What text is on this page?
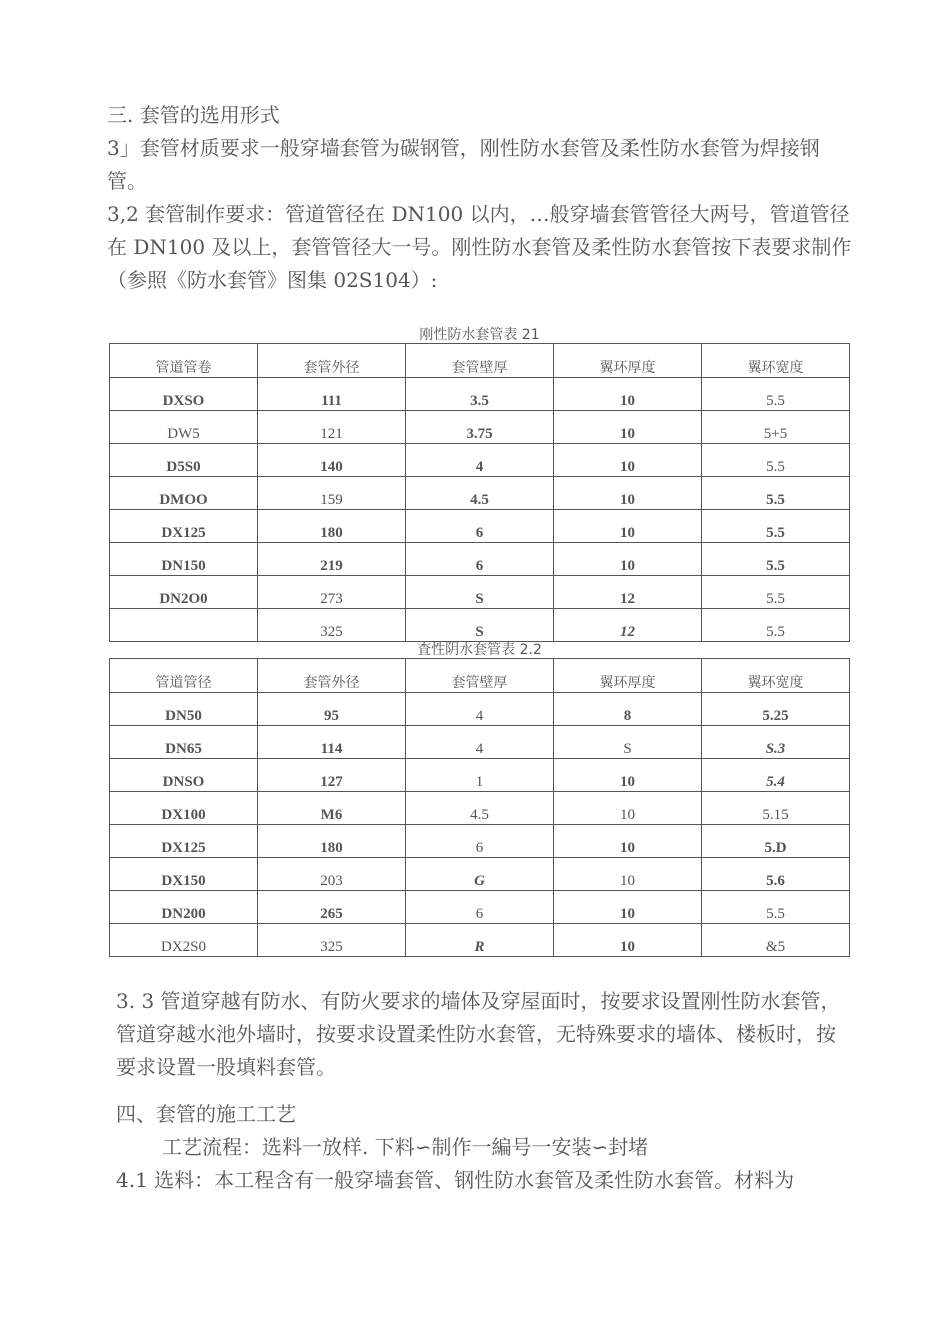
三. 套管的选用形式

3」套管材质要求一般穿墙套管为碳钢管，刚性防水套管及柔性防水套管为焊接钢管。

3,2 套管制作要求：管道管径在 DN100 以内，…般穿墙套管管径大两号，管道管径在 DN100 及以上，套管管径大一号。刚性防水套管及柔性防水套管按下表要求制作（参照《防水套管》图集 02S104）:

刚性防水套管表 21
管道管卷	套管外径	套管壁厚	翼环厚度	翼环宽度
DXSO	111	3.5	10	5.5
DW5	121	3.75	10	5+5
D5S0	140	4	10	5.5
DMOO	159	4.5	10	5.5
DX125	180	6	10	5.5
DN150	219	6	10	5.5
DN2O0	273	S	12	5.5
	325	S	12	5.5
査性阴水套管表 2.2
管道管径	套管外径	套管壁厚	翼环厚度	翼环宽度
DN50	95	4	8	5.25
DN65	114	4	S	S.3
DNSO	127	1	10	5.4
DX100	M6	4.5	10	5.15
DX125	180	6	10	5.D
DX150	203	G	10	5.6
DN200	265	6	10	5.5
DX2S0	325	R	10	&5

3. 3 管道穿越有防水、有防火要求的墙体及穿屋面时，按要求设置刚性防水套管，管道穿越水池外墙时，按要求设置柔性防水套管，无特殊要求的墙体、楼板时，按要求设置一股填料套管。

四、套管的施工工艺

工艺流程：选料一放样. 下料∽制作一編号一安装∽封堵

4.1 选料：本工程含有一般穿墙套管、钢性防水套管及柔性防水套管。材料为
